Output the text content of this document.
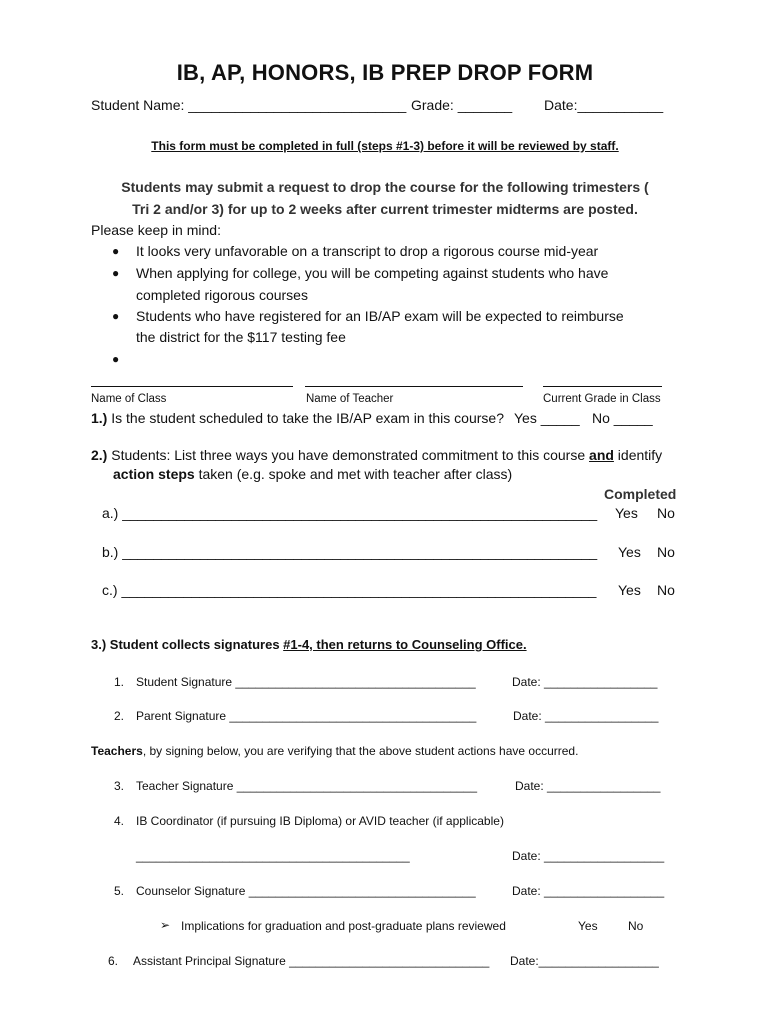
IB, AP, HONORS, IB PREP DROP FORM
Student Name: ____________________________ Grade: _______ Date:___________
This form must be completed in full (steps #1-3) before it will be reviewed by staff.
Students may submit a request to drop the course for the following trimesters (
Tri 2 and/or 3) for up to 2 weeks after current trimester midterms are posted.
Please keep in mind:
● It looks very unfavorable on a transcript to drop a rigorous course mid-year
● When applying for college, you will be competing against students who have
completed rigorous courses
● Students who have registered for an IB/AP exam will be expected to reimburse
the district for the $117 testing fee
●
Name of Class	Name of Teacher	Current Grade in Class
1.) Is the student scheduled to take the IB/AP exam in this course? Yes _____ No _____
2.) Students: List three ways you have demonstrated commitment to this course and identify
action steps taken (e.g. spoke and met with teacher after class)
Completed
a.) _____________________________________________________________ Yes No
b.) _____________________________________________________________ Yes No
c.) _____________________________________________________________ Yes No
3.) Student collects signatures #1-4, then returns to Counseling Office.
1. Student Signature ____________________________________	Date: _________________
2. Parent Signature _____________________________________	Date: _________________
Teachers, by signing below, you are verifying that the above student actions have occurred.
3. Teacher Signature ____________________________________	Date: _________________
4. IB Coordinator (if pursuing IB Diploma) or AVID teacher (if applicable)
_________________________________________	Date: __________________
5. Counselor Signature __________________________________	Date: __________________
➢ Implications for graduation and post-graduate plans reviewed	Yes	No
6. Assistant Principal Signature ______________________________ Date:__________________
